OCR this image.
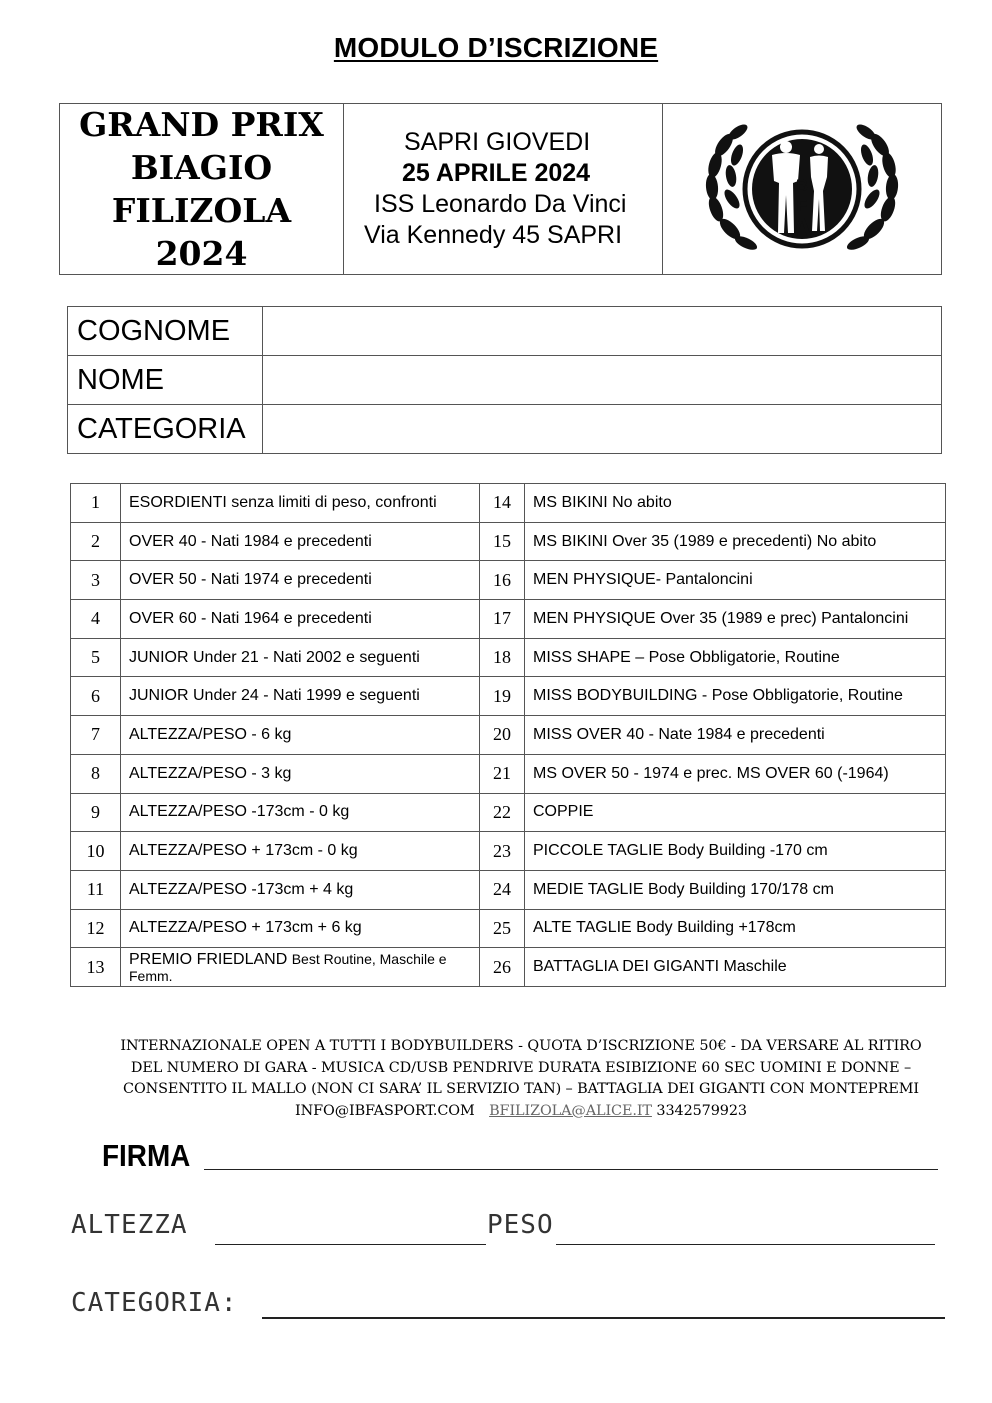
MODULO D’ISCRIZIONE
GRAND PRIX
BIAGIO
FILIZOLA
2024
SAPRI GIOVEDI
25 APRILE 2024
ISS Leonardo Da Vinci
Via Kennedy 45 SAPRI
I
B
F
A
COGNOME	
NOME	
CATEGORIA	
1	ESORDIENTI senza limiti di peso, confronti	14	MS BIKINI No abito
2	OVER 40 - Nati 1984 e precedenti	15	MS BIKINI Over 35 (1989 e precedenti) No abito
3	OVER 50 - Nati 1974 e precedenti	16	MEN PHYSIQUE- Pantaloncini
4	OVER 60 - Nati 1964 e precedenti	17	MEN PHYSIQUE Over 35 (1989 e prec) Pantaloncini
5	JUNIOR Under 21 - Nati 2002 e seguenti	18	MISS SHAPE – Pose Obbligatorie, Routine
6	JUNIOR Under 24 - Nati 1999 e seguenti	19	MISS BODYBUILDING - Pose Obbligatorie, Routine
7	ALTEZZA/PESO - 6 kg	20	MISS OVER 40 - Nate 1984 e precedenti
8	ALTEZZA/PESO - 3 kg	21	MS OVER 50 - 1974 e prec. MS OVER 60 (-1964)
9	ALTEZZA/PESO -173cm - 0 kg	22	COPPIE
10	ALTEZZA/PESO + 173cm - 0 kg	23	PICCOLE TAGLIE Body Building -170 cm
11	ALTEZZA/PESO -173cm + 4 kg	24	MEDIE TAGLIE Body Building 170/178 cm
12	ALTEZZA/PESO + 173cm + 6 kg	25	ALTE TAGLIE Body Building +178cm
13	PREMIO FRIEDLAND Best Routine, Maschile e Femm.	26	BATTAGLIA DEI GIGANTI Maschile
INTERNAZIONALE OPEN A TUTTI I BODYBUILDERS - QUOTA D’ISCRIZIONE 50€ - DA VERSARE AL RITIRO
DEL NUMERO DI GARA - MUSICA CD/USB PENDRIVE DURATA ESIBIZIONE 60 SEC UOMINI E DONNE –
CONSENTITO IL MALLO (NON CI SARA’ IL SERVIZIO TAN) – BATTAGLIA DEI GIGANTI CON MONTEPREMI
INFO@IBFASPORT.COM BFILIZOLA@ALICE.IT 3342579923
FIRMA
ALTEZZA	PESO
CATEGORIA:
